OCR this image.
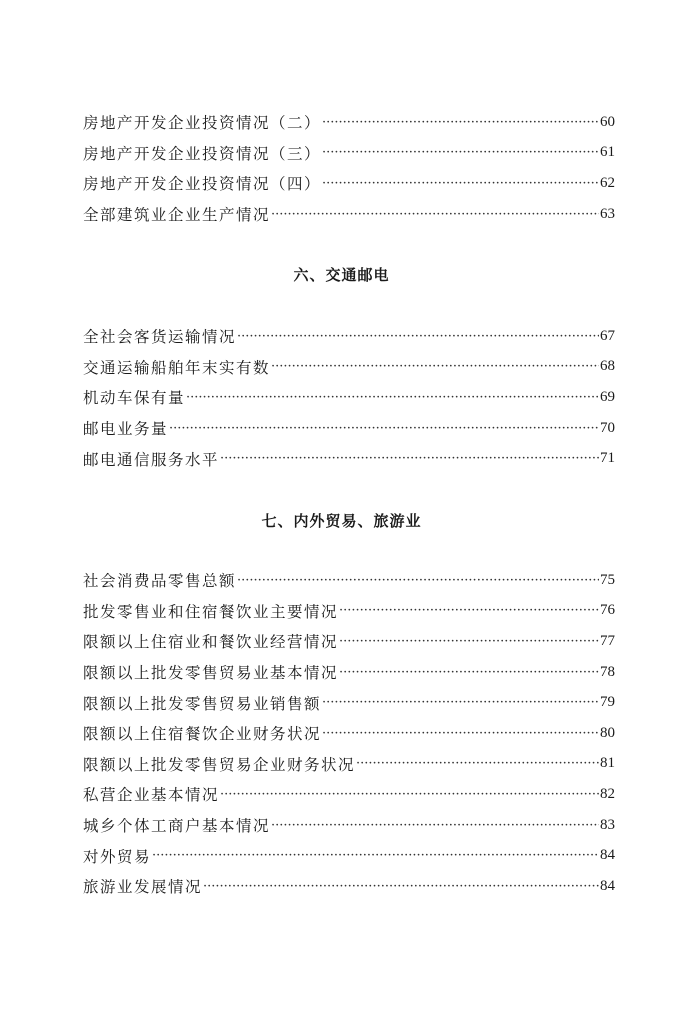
房地产开发企业投资情况（二） ·····	60
房地产开发企业投资情况（三） ·····	61
房地产开发企业投资情况（四） ·····	62
全部建筑业企业生产情况 ·····	63
六、交通邮电
全社会客货运输情况 ·····	67
交通运输船舶年末实有数 ·····	68
机动车保有量 ·····	69
邮电业务量 ·····	70
邮电通信服务水平 ·····	71
七、内外贸易、旅游业
社会消费品零售总额 ·····	75
批发零售业和住宿餐饮业主要情况 ·····	76
限额以上住宿业和餐饮业经营情况 ·····	77
限额以上批发零售贸易业基本情况 ·····	78
限额以上批发零售贸易业销售额 ·····	79
限额以上住宿餐饮企业财务状况 ·····	80
限额以上批发零售贸易企业财务状况 ·····	81
私营企业基本情况 ·····	82
城乡个体工商户基本情况 ·····	83
对外贸易 ·····	84
旅游业发展情况 ·····	84
